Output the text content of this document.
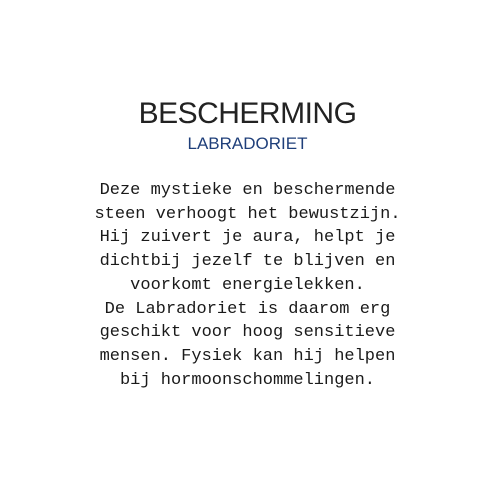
BESCHERMING
LABRADORIET
Deze mystieke en beschermende
steen verhoogt het bewustzijn.
Hij zuivert je aura, helpt je
dichtbij jezelf te blijven en
voorkomt energielekken.
De Labradoriet is daarom erg
geschikt voor hoog sensitieve
mensen. Fysiek kan hij helpen
bij hormoonschommelingen.
